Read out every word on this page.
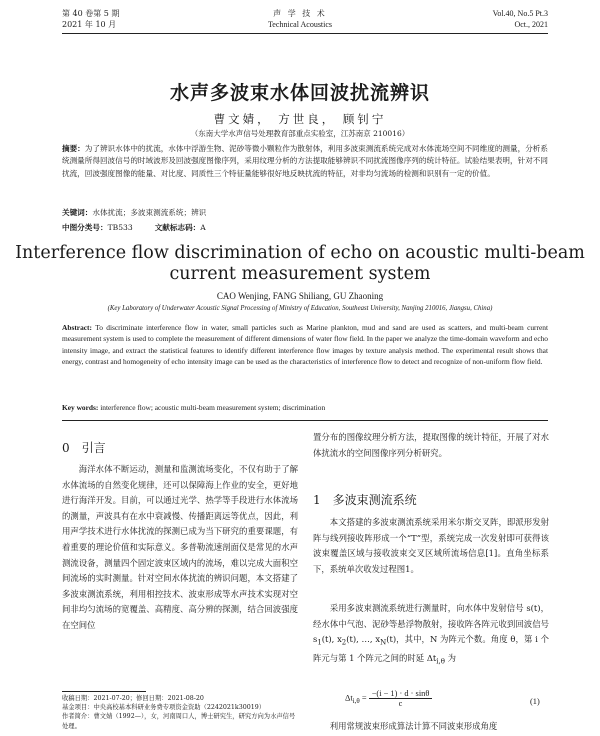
第 40 卷第 5 期
2021 年 10 月
声 学 技 术
Technical Acoustics
Vol.40, No.5 Pt.3
Oct., 2021
水声多波束水体回波扰流辨识
曹文婧， 方世良， 顾钊宁
（东南大学水声信号处理教育部重点实验室，江苏南京 210016）
摘要：为了辨识水体中的扰流，水体中浮游生物、泥砂等微小颗粒作为散射体，利用多波束测流系统完成对水体流场空间不同维度的测量，分析系统测量所得回波信号的时域波形及回波强度图像序列，采用纹理分析的方法提取能够辨识不同扰流图像序列的统计特征。试验结果表明，针对不同扰流，回波强度图像的能量、对比度、同质性三个特征量能够很好地反映扰流的特征，对非均匀流场的检测和识别有一定的价值。
关键词：水体扰流；多波束测流系统；辨识
中图分类号：TB533	文献标志码：A
Interference flow discrimination of echo on acoustic multi-beam
current measurement system
CAO Wenjing, FANG Shiliang, GU Zhaoning
(Key Laboratory of Underwater Acoustic Signal Processing of Ministry of Education, Southeast University, Nanjing 210016, Jiangsu, China)
Abstract: To discriminate interference flow in water, small particles such as Marine plankton, mud and sand are used as scatters, and multi-beam current measurement system is used to complete the measurement of different dimensions of water flow field. In the paper we analyze the time-domain waveform and echo intensity image, and extract the statistical features to identify different interference flow images by texture analysis method. The experimental result shows that energy, contrast and homogeneity of echo intensity image can be used as the characteristics of interference flow to detect and recognize of non-uniform flow field.
Key words: interference flow; acoustic multi-beam measurement system; discrimination
0　引言
海洋水体不断运动，测量和监测流场变化，不仅有助于了解水体流场的自然变化规律，还可以保障海上作业的安全，更好地进行海洋开发。目前，可以通过光学、热学等手段进行水体流场的测量，声波具有在水中衰减慢、传播距离远等优点，因此，利用声学技术进行水体扰流的探测已成为当下研究的重要课题，有着重要的理论价值和实际意义。多普勒流速剖面仪是常见的水声测流设备，测量四个固定波束区域内的流场，难以完成大面积空间流场的实时测量。针对空间水体扰流的辨识问题，本文搭建了多波束测流系统，利用相控技术、波束形成等水声技术实现对空间非均匀流场的宽覆盖、高精度、高分辨的探测，结合回波强度在空间位
收稿日期：2021-07-20；修回日期：2021-08-20
基金项目：中央高校基本科研业务费专项资金资助（2242021k30019）
作者简介：曹文婧（1992—），女，河南周口人，博士研究生，研究方向为水声信号处理。
置分布的图像纹理分析方法，提取图像的统计特征，开展了对水体扰流水的空间图像序列分析研究。
1　多波束测流系统
本文搭建的多波束测流系统采用米尔斯交叉阵，即派形发射阵与线列接收阵形成一个“T”型，系统完成一次发射即可获得该波束覆盖区域与接收波束交叉区域所流场信息[1]。直角坐标系下，系统单次收发过程图1。
采用多波束测流系统进行测量时，向水体中发射信号 s(t)，经水体中气泡、泥砂等悬浮物散射，接收阵各阵元收到回波信号 $s_1(t)$, $x_2(t)$, …, $x_N(t)$，其中，N 为阵元个数。角度 θ，第 i 个阵元与第 1 个阵元之间的时延 $\Delta t_{i,\theta}$ 为
$\Delta t_{i,\theta} = \frac{-(i - 1) \cdot d \cdot \sin\theta}{c}$	(1)
利用常规波束形成算法计算不同波束形成角度
